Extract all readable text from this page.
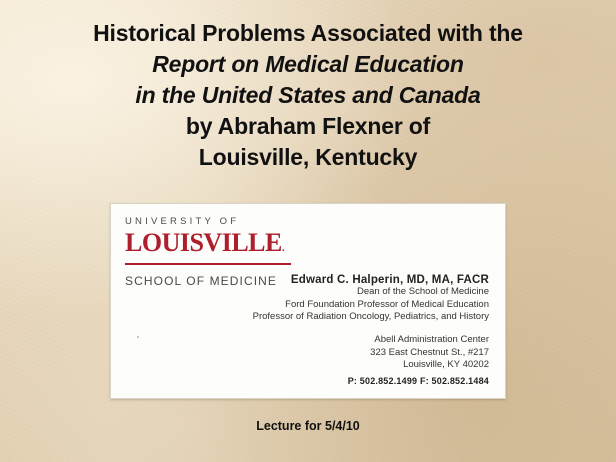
Historical Problems Associated with the
Report on Medical Education
in the United States and Canada
by Abraham Flexner of
Louisville, Kentucky
UNIVERSITY OF
LOUISVILLE.
SCHOOL OF MEDICINE	Edward C. Halperin, MD, MA, FACR
Dean of the School of Medicine
Ford Foundation Professor of Medical Education
Professor of Radiation Oncology, Pediatrics, and History
Abell Administration Center
323 East Chestnut St., #217
Louisville, KY 40202
P: 502.852.1499 F: 502.852.1484
Lecture for 5/4/10
